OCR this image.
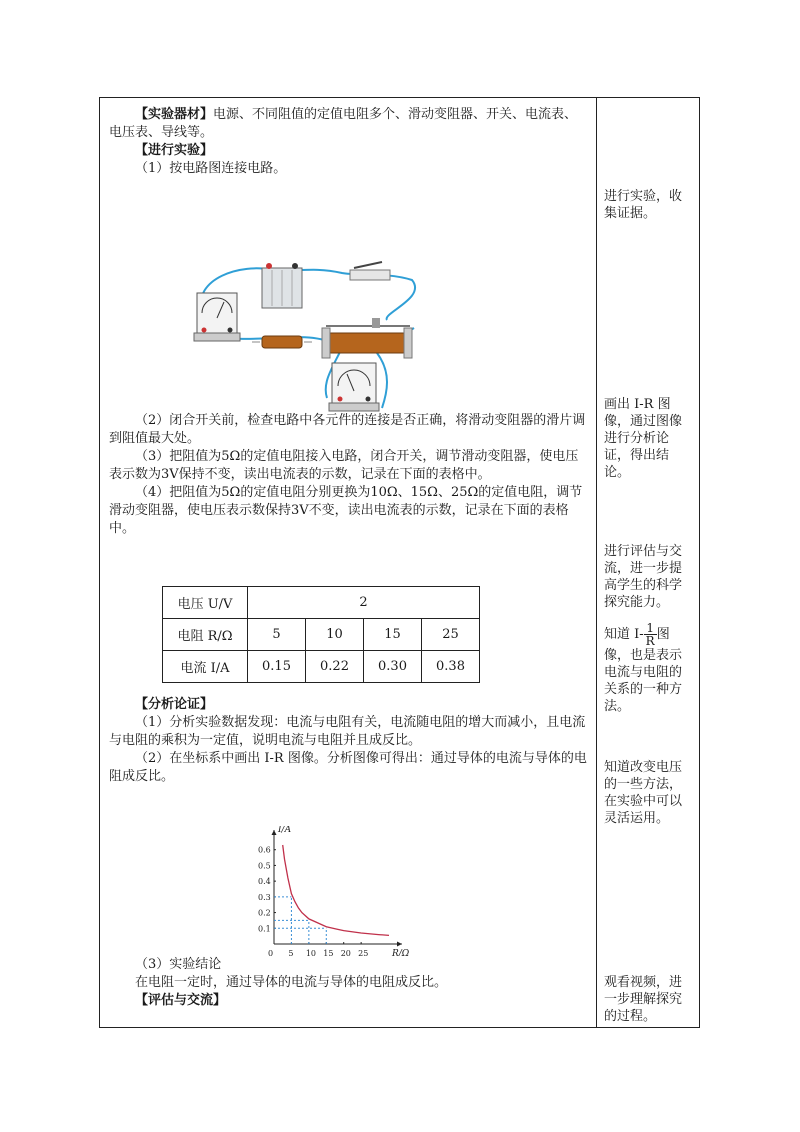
【实验器材】电源、不同阻值的定值电阻多个、滑动变阻器、开关、电流表、电压表、导线等。

【进行实验】

（1）按电路图连接电路。

（2）闭合开关前，检查电路中各元件的连接是否正确，将滑动变阻器的滑片调到阻值最大处。

（3）把阻值为5Ω的定值电阻接入电路，闭合开关，调节滑动变阻器，使电压表示数为3V保持不变，读出电流表的示数，记录在下面的表格中。

（4）把阻值为5Ω的定值电阻分别更换为10Ω、15Ω、25Ω的定值电阻，调节滑动变阻器，使电压表示数保持3V不变，读出电流表的示数，记录在下面的表格中。

电压 U/V	2			
电阻 R/Ω	5	10	15	25
电流 I/A	0.15	0.22	0.30	0.38

【分析论证】

（1）分析实验数据发现：电流与电阻有关，电流随电阻的增大而减小，且电流与电阻的乘积为一定值，说明电流与电阻并且成反比。

（2）在坐标系中画出 I-R 图像。分析图像可得出：通过导体的电流与导体的电阻成反比。

I/A
R/Ω
0 5 10 15 20 25
0.1
0.2
0.3
0.4
0.5
0.6

（3）实验结论

在电阻一定时，通过导体的电流与导体的电阻成反比。

【评估与交流】

进行实验，收集证据。
画出 I-R 图像，通过图像进行分析论证，得出结论。
进行评估与交流，进一步提高学生的科学探究能力。
知道 $I- \frac{1}{R}$ 图
像，也是表示电流与电阻的关系的一种方法。
知道改变电压的一些方法，在实验中可以灵活运用。
观看视频，进一步理解探究的过程。
